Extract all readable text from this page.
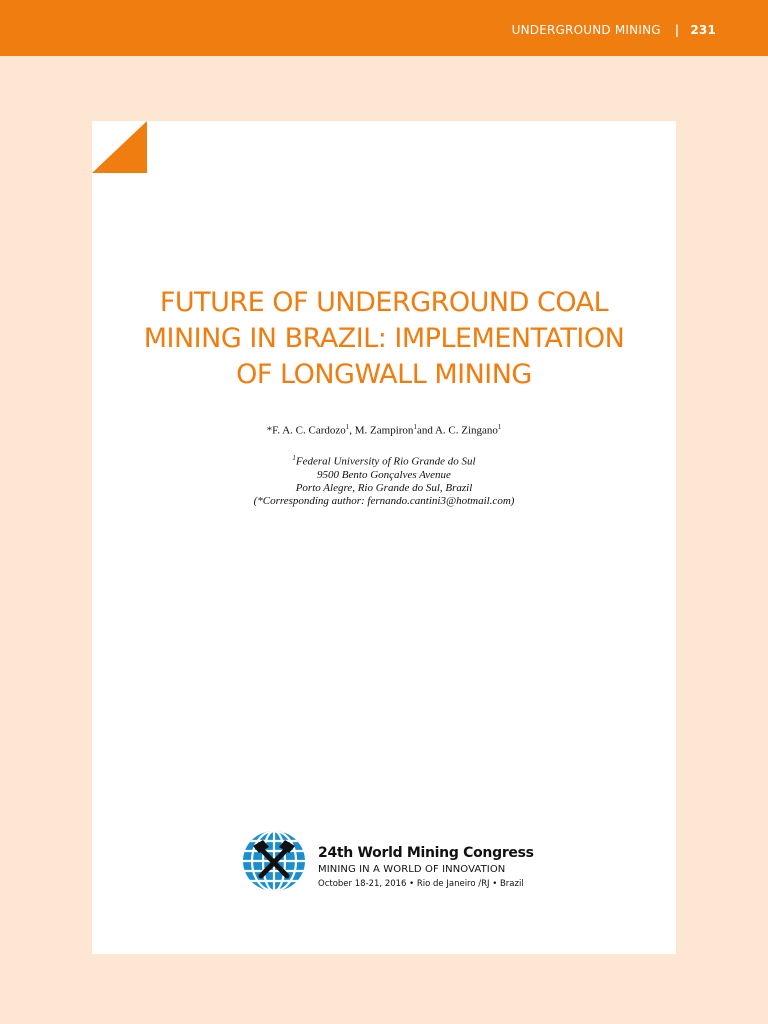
UNDERGROUND MINING | 231
FUTURE OF UNDERGROUND COAL
MINING IN BRAZIL: IMPLEMENTATION
OF LONGWALL MINING
*F. A. C. Cardozo$^1$, M. Zampiron$^1$and A. C. Zingano$^1$
$^1$Federal University of Rio Grande do Sul
9500 Bento Gonçalves Avenue
Porto Alegre, Rio Grande do Sul, Brazil
(*Corresponding author: fernando.cantini3@hotmail.com)
24th World Mining Congress
MINING IN A WORLD OF INNOVATION
October 18-21, 2016 • Rio de Janeiro /RJ • Brazil
